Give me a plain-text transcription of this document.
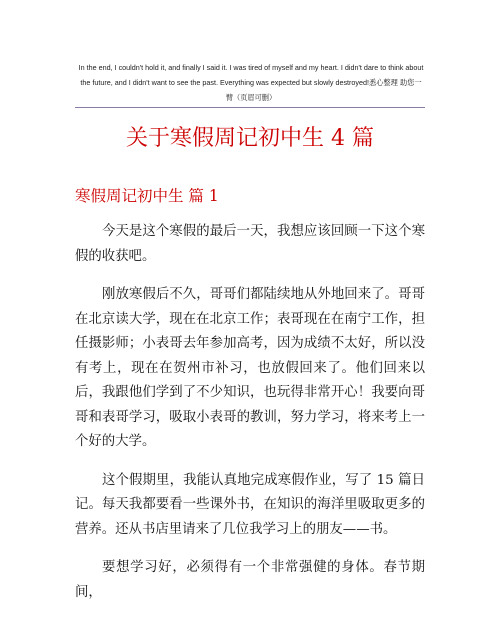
In the end, I couldn't hold it, and finally I said it. I was tired of myself and my heart. I didn't dare to think about the future, and I didn't want to see the past. Everything was expected but slowly destroyed!悉心整理 助您一臂（页眉可删）
关于寒假周记初中生 4 篇
寒假周记初中生 篇 1

今天是这个寒假的最后一天，我想应该回顾一下这个寒假的收获吧。

刚放寒假后不久，哥哥们都陆续地从外地回来了。哥哥在北京读大学，现在在北京工作；表哥现在在南宁工作，担任摄影师；小表哥去年参加高考，因为成绩不太好，所以没有考上，现在在贺州市补习，也放假回来了。他们回来以后，我跟他们学到了不少知识，也玩得非常开心！我要向哥哥和表哥学习，吸取小表哥的教训，努力学习，将来考上一个好的大学。

这个假期里，我能认真地完成寒假作业，写了 15 篇日记。每天我都要看一些课外书，在知识的海洋里吸取更多的营养。还从书店里请来了几位我学习上的朋友——书。

要想学习好，必须得有一个非常强健的身体。春节期间，
